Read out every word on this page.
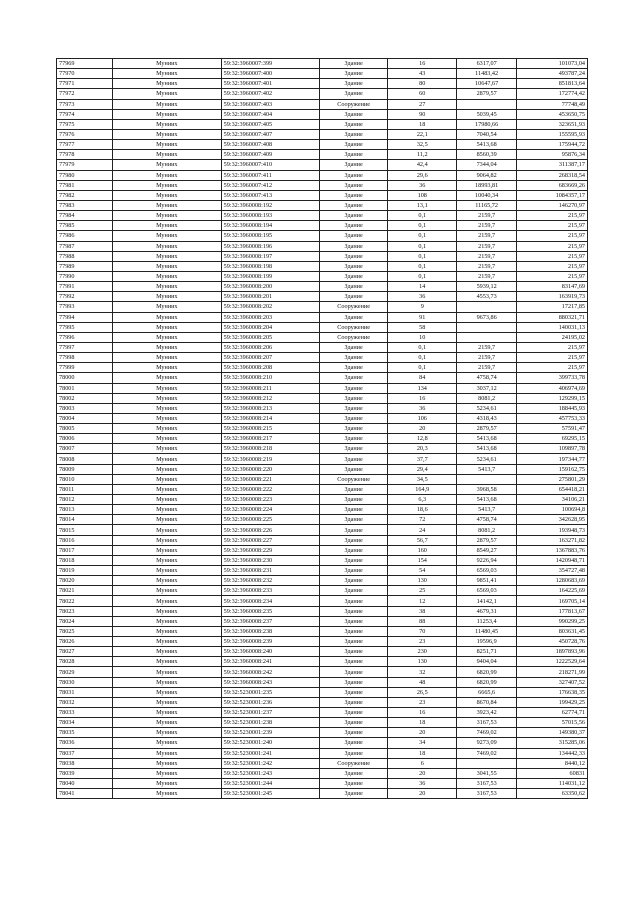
77969	Муниих	59:32:3960007:399	Здание	16	6317,07	101073,04
77970	Муниих	59:32:3960007:400	Здание	43	11483,42	493787,24
77971	Муниих	59:32:3960007:401	Здание	80	10647,67	851813,64
77972	Муниих	59:32:3960007:402	Здание	60	2879,57	172774,42
77973	Муниих	59:32:3960007:403	Сооружение	27		77748,49
77974	Муниих	59:32:3960007:404	Здание	90	5039,45	453650,75
77975	Муниих	59:32:3960007:405	Здание	18	17980,66	323651,93
77976	Муниих	59:32:3960007:407	Здание	22,1	7040,54	155595,93
77977	Муниих	59:32:3960007:408	Здание	32,5	5413,68	175944,72
77978	Муниих	59:32:3960007:409	Здание	11,2	8560,39	95876,34
77979	Муниих	59:32:3960007:410	Здание	42,4	7344,04	311387,17
77980	Муниих	59:32:3960007:411	Здание	29,6	9064,82	268318,54
77981	Муниих	59:32:3960007:412	Здание	36	18993,81	683669,26
77982	Муниих	59:32:3960007:413	Здание	108	10040,34	1084357,17
77983	Муниих	59:32:3960008:192	Здание	13,1	11165,72	146270,97
77984	Муниих	59:32:3960008:193	Здание	0,1	2159,7	215,97
77985	Муниих	59:32:3960008:194	Здание	0,1	2159,7	215,97
77986	Муниих	59:32:3960008:195	Здание	0,1	2159,7	215,97
77987	Муниих	59:32:3960008:196	Здание	0,1	2159,7	215,97
77988	Муниих	59:32:3960008:197	Здание	0,1	2159,7	215,97
77989	Муниих	59:32:3960008:198	Здание	0,1	2159,7	215,97
77990	Муниих	59:32:3960008:199	Здание	0,1	2159,7	215,97
77991	Муниих	59:32:3960008:200	Здание	14	5939,12	83147,69
77992	Муниих	59:32:3960008:201	Здание	36	4553,73	163919,73
77993	Муниих	59:32:3960008:202	Сооружение	9		17217,85
77994	Муниих	59:32:3960008:203	Здание	91	9673,86	880321,71
77995	Муниих	59:32:3960008:204	Сооружение	58		140031,13
77996	Муниих	59:32:3960008:205	Сооружение	10		24195,02
77997	Муниих	59:32:3960008:206	Здание	0,1	2159,7	215,97
77998	Муниих	59:32:3960008:207	Здание	0,1	2159,7	215,97
77999	Муниих	59:32:3960008:208	Здание	0,1	2159,7	215,97
78000	Муниих	59:32:3960008:210	Здание	84	4758,74	399733,78
78001	Муниих	59:32:3960008:211	Здание	134	3037,12	406974,69
78002	Муниих	59:32:3960008:212	Здание	16	8081,2	129299,15
78003	Муниих	59:32:3960008:213	Здание	36	5234,61	188445,93
78004	Муниих	59:32:3960008:214	Здание	106	4318,43	457753,33
78005	Муниих	59:32:3960008:215	Здание	20	2879,57	57591,47
78006	Муниих	59:32:3960008:217	Здание	12,8	5413,68	69295,15
78007	Муниих	59:32:3960008:218	Здание	20,3	5413,68	109897,78
78008	Муниих	59:32:3960008:219	Здание	37,7	5234,61	197344,77
78009	Муниих	59:32:3960008:220	Здание	29,4	5413,7	159162,75
78010	Муниих	59:32:3960008:221	Сооружение	34,5		275801,29
78011	Муниих	59:32:3960008:222	Здание	164,9	3968,58	654418,21
78012	Муниих	59:32:3960008:223	Здание	6,3	5413,68	34106,21
78013	Муниих	59:32:3960008:224	Здание	18,6	5413,7	100694,8
78014	Муниих	59:32:3960008:225	Здание	72	4758,74	342628,95
78015	Муниих	59:32:3960008:226	Здание	24	8081,2	193948,73
78016	Муниих	59:32:3960008:227	Здание	56,7	2879,57	163271,82
78017	Муниих	59:32:3960008:229	Здание	160	8549,27	1367883,76
78018	Муниих	59:32:3960008:230	Здание	154	9226,94	1420948,71
78019	Муниих	59:32:3960008:231	Здание	54	6569,03	354727,48
78020	Муниих	59:32:3960008:232	Здание	130	9851,41	1280683,69
78021	Муниих	59:32:3960008:233	Здание	25	6569,03	164225,69
78022	Муниих	59:32:3960008:234	Здание	12	14142,1	169705,14
78023	Муниих	59:32:3960008:235	Здание	38	4679,31	177813,67
78024	Муниих	59:32:3960008:237	Здание	88	11253,4	990299,25
78025	Муниих	59:32:3960008:238	Здание	70	11480,45	803631,45
78026	Муниих	59:32:3960008:239	Здание	23	19596,9	450728,76
78027	Муниих	59:32:3960008:240	Здание	230	8251,71	1897893,96
78028	Муниих	59:32:3960008:241	Здание	130	9404,04	1222529,64
78029	Муниих	59:32:3960008:242	Здание	32	6820,99	218271,99
78030	Муниих	59:32:3960008:243	Здание	48	6820,99	327407,52
78031	Муниих	59:32:5230001:235	Здание	26,5	6665,6	176638,35
78032	Муниих	59:32:5230001:236	Здание	23	8670,84	199429,25
78033	Муниих	59:32:5230001:237	Здание	16	3923,42	62774,71
78034	Муниих	59:32:5230001:238	Здание	18	3167,53	57015,56
78035	Муниих	59:32:5230001:239	Здание	20	7469,02	149380,37
78036	Муниих	59:32:5230001:240	Здание	34	9273,09	315285,06
78037	Муниих	59:32:5230001:241	Здание	18	7469,02	134442,33
78038	Муниих	59:32:5230001:242	Сооружение	6		8440,12
78039	Муниих	59:32:5230001:243	Здание	20	3041,55	60831
78040	Муниих	59:32:5230001:244	Здание	36	3167,53	114031,12
78041	Муниих	59:32:5230001:245	Здание	20	3167,53	63350,62
